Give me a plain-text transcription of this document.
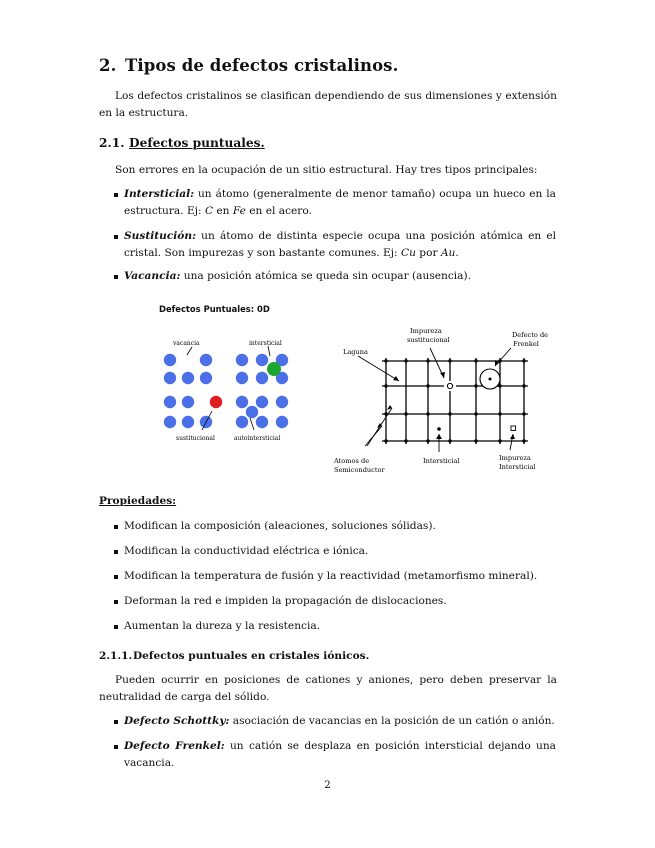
2. Tipos de defectos cristalinos.

Los defectos cristalinos se clasifican dependiendo de sus dimensiones y extensión en la estructura.

2.1. Defectos puntuales.

Son errores en la ocupación de un sitio estructural. Hay tres tipos principales:

Intersticial: un átomo (generalmente de menor tamaño) ocupa un hueco en la estructura. Ej: C en Fe en el acero.
Sustitución: un átomo de distinta especie ocupa una posición atómica en el cristal. Son impurezas y son bastante comunes. Ej: Cu por Au.
Vacancia: una posición atómica se queda sin ocupar (ausencia).
Defectos Puntuales: 0D
vacancia	intersticial
sustitucional	autointersticial
Laguna
Impureza
sustitucional
Defecto de
Frenkel
Atomos de
Semiconductor
Intersticial	Impureza
Intersticial
Propiedades:
Modifican la composición (aleaciones, soluciones sólidas).
Modifican la conductividad eléctrica e iónica.
Modifican la temperatura de fusión y la reactividad (metamorfismo mineral).
Deforman la red e impiden la propagación de dislocaciones.
Aumentan la dureza y la resistencia.
2.1.1.Defectos puntuales en cristales iónicos.

Pueden ocurrir en posiciones de cationes y aniones, pero deben preservar la neutralidad de carga del sólido.

Defecto Schottky: asociación de vacancias en la posición de un catión o anión.
Defecto Frenkel: un catión se desplaza en posición intersticial dejando una vacancia.
2
